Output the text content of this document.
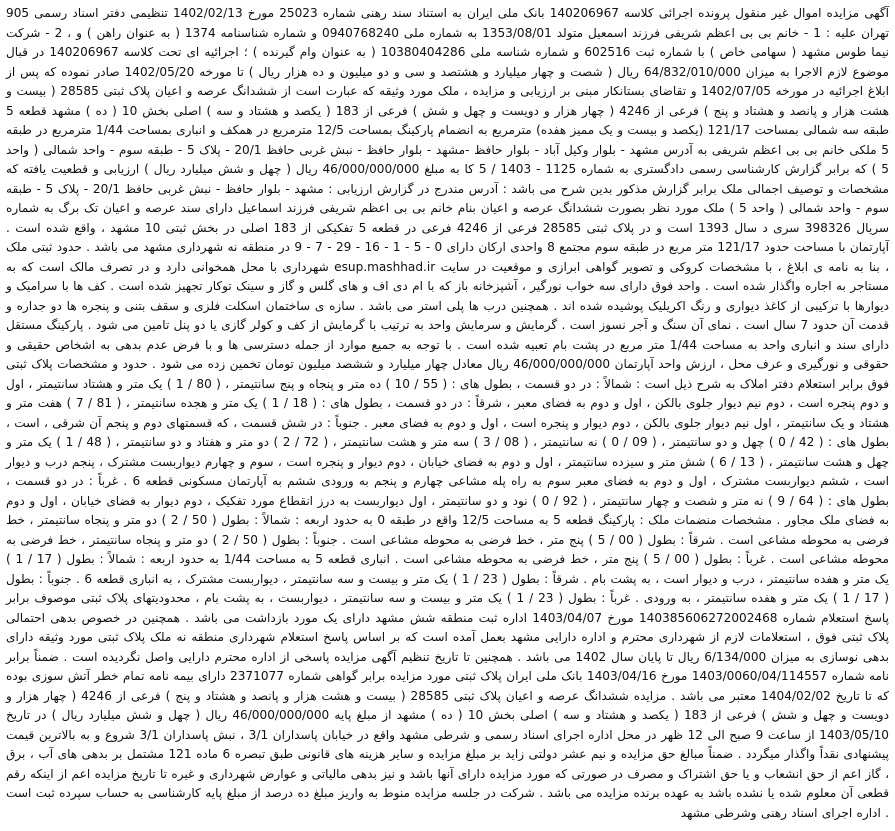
آگهی مزایده اموال غیر منقول پرونده اجرائی کلاسه 140206967 بانک ملی ایران به استناد سند رهنی شماره 25023 مورخ 1402/02/13 تنظیمی دفتر اسناد رسمی 905 تهران علیه : 1 - خانم بی بی اعظم شریفی فرزند اسمعیل متولد 1353/08/01 به شماره ملی 0940768240 و شماره شناسنامه 1374 ( به عنوان راهن ) و ، 2 - شرکت نیما طوس مشهد ( سهامی خاص ) با شماره ثبت 602516 و شماره شناسه ملی 10380404286 ( به عنوان وام گیرنده ) ؛ اجرائیه ای تحت کلاسه 140206967 در قبال موضوع لازم الاجرا به میزان 64/832/010/000 ریال ( شصت و چهار میلیارد و هشتصد و سی و دو میلیون و ده هزار ریال ) تا مورخه 1402/05/20 صادر نموده که پس از ابلاغ اجرائیه در مورخه 1402/07/05 و تقاضای بستانکار مبنی بر ارزیابی و مزایده ، ملک مورد وثیقه که عبارت است از ششدانگ عرصه و اعیان پلاک ثبتی 28585 ( بیست و هشت هزار و پانصد و هشتاد و پنج ) فرعی از 4246 ( چهار هزار و دویست و چهل و شش ) فرعی از 183 ( یکصد و هشتاد و سه ) اصلی بخش 10 ( ده ) مشهد قطعه 5 طبقه سه شمالی بمساحت 121/17 (یکصد و بیست و یک ممیز هفده) مترمربع به انضمام پارکینگ بمساحت 12/5 مترمربع در همکف و انباری بمساحت 1/44 مترمربع در طبقه 5 ملکی خانم بی بی اعظم شریفی به آدرس مشهد - بلوار وکیل آباد - بلوار حافظ -مشهد - بلوار حافظ - نبش غربی حافظ 20/1 - پلاک 5 - طبقه سوم - واحد شمالی ( واحد 5 ) که برابر گزارش کارشناسی رسمی دادگستری به شماره 1125 - 1403 / 5 کا به مبلغ 46/000/000/000 ریال ( چهل و شش میلیارد ریال ) ارزیابی و قطعیت یافته که مشخصات و توصیف اجمالی ملک برابر گزارش مذکور بدین شرح می باشد : آدرس مندرج در گزارش ارزیابی : مشهد - بلوار حافظ - نبش غربی حافظ 20/1 - پلاک 5 - طبقه سوم - واحد شمالی ( واحد 5 ) ملک مورد نظر بصورت ششدانگ عرصه و اعیان بنام خانم بی بی اعظم شریفی فرزند اسماعیل دارای سند عرصه و اعیان تک برگ به شماره سریال 398326 سری د سال 1393 است و در پلاک ثبتی 28585 فرعی از 4246 فرعی در قطعه 5 تفکیکی از 183 اصلی در بخش ثبتی 10 مشهد ، واقع شده است . آپارتمان با مساحت حدود 121/17 متر مربع در طبقه سوم مجتمع 8 واحدی ارکان دارای 0 - 5 - 1 - 16 - 29 - 7 - 9 در منطقه نه شهرداری مشهد می باشد . حدود ثبتی ملک ، بنا به نامه ی ابلاغ ، با مشخصات کروکی و تصویر گواهی ابرازی و موقعیت در سایت esup.mashhad.ir شهرداری با محل همخوانی دارد و در تصرف مالک است که به مستاجر به اجاره واگذار شده است . واحد فوق دارای سه خواب نورگیر ، آشپزخانه باز که با ام دی اف و های گلس و گاز و سینک توکار تجهیز شده است . کف ها با سرامیک و دیوارها با ترکیبی از کاغذ دیواری و رنگ اکریلیک پوشیده شده اند . همچنین درب ها پلی استر می باشد . سازه ی ساختمان اسکلت فلزی و سقف بتنی و پنجره ها دو جداره و قدمت آن حدود 7 سال است . نمای آن سنگ و آجر نسوز است . گرمایش و سرمایش واحد به ترتیب با گرمایش از کف و کولر گازی یا دو پنل تامین می شود . پارکینگ مستقل دارای سند و انباری واحد به مساحت 1/44 متر مربع در پشت بام تعبیه شده است . با توجه به جمیع موارد از جمله دسترسی ها و با فرض عدم بدهی به اشخاص حقیقی و حقوقی و نورگیری و عرف محل ، ارزش واحد آپارتمان 46/000/000/000 ریال معادل چهار میلیارد و ششصد میلیون تومان تخمین زده می شود . حدود و مشخصات پلاک ثبتی فوق برابر استعلام دفتر املاک به شرح ذیل است : شمالاً : در دو قسمت ، بطول های : ( 55 / 10 ) ده متر و پنجاه و پنج سانتیمتر ، ( 80 / 1 ) یک متر و هشتاد سانتیمتر ، اول و دوم پنجره است ، دوم نیم دیوار جلوی بالکن ، اول و دوم به فضای معبر ، شرقاً : در دو قسمت ، بطول های : ( 18 / 1 ) یک متر و هجده سانتیمتر ، ( 81 / 7 ) هفت متر و هشتاد و یک سانتیمتر ، اول نیم دیوار جلوی بالکن ، دوم دیوار و پنجره است ، اول و دوم به فضای معبر . جنوباً : در شش قسمت ، که قسمتهای دوم و پنجم آن شرقی ، است ، بطول های : ( 42 / 0 ) چهل و دو سانتیمتر ، ( 09 / 0 ) نه سانتیمتر ، ( 08 / 3 ) سه متر و هشت سانتیمتر ، ( 72 / 2 ) دو متر و هفتاد و دو سانتیمتر ، ( 48 / 1 ) یک متر و چهل و هشت سانتیمتر ، ( 13 / 6 ) شش متر و سیزده سانتیمتر ، اول و دوم به فضای خیابان ، دوم دیوار و پنجره است ، سوم و چهارم دیواربست مشترک ، پنجم درب و دیوار است ، ششم دیواربست مشترک ، اول و دوم به فضای معبر سوم به راه پله مشاعی چهارم و پنجم به ورودی ششم به آپارتمان مسکونی قطعه 6 . غرباً : در دو قسمت ، بطول های : ( 64 / 9 ) نه متر و شصت و چهار سانتیمتر ، ( 92 / 0 ) نود و دو سانتیمتر ، اول دیواربست به درز انقطاع مورد تفکیک ، دوم دیوار به فضای خیابان ، اول و دوم به فضای ملک مجاور . مشخصات منضمات ملک : پارکینگ قطعه 5 به مساحت 12/5 واقع در طبقه 0 به حدود اربعه : شمالاً : بطول ( 50 / 2 ) دو متر و پنجاه سانتیمتر ، خط فرضی به محوطه مشاعی است . شرقاً : بطول ( 00 / 5 ) پنج متر ، خط فرضی به محوطه مشاعی است . جنوباً : بطول ( 50 / 2 ) دو متر و پنجاه سانتیمتر ، خط فرضی به محوطه مشاعی است . غرباً : بطول ( 00 / 5 ) پنج متر ، خط فرضی به محوطه مشاعی است . انباری قطعه 5 به مساحت 1/44 به حدود اربعه : شمالاً : بطول ( 17 / 1 ) یک متر و هفده سانتیمتر ، درب و دیوار است ، به پشت بام . شرقاً : بطول ( 23 / 1 ) یک متر و بیست و سه سانتیمتر ، دیواربست مشترک ، به انباری قطعه 6 . جنوباً : بطول ( 17 / 1 ) یک متر و هفده سانتیمتر ، به ورودی . غرباً : بطول ( 23 / 1 ) یک متر و بیست و سه سانتیمتر ، دیواربست ، به پشت بام ، محدودیتهای پلاک ثبتی موصوف برابر پاسخ استعلام شماره 140385606272002468 مورخ 1403/04/07 اداره ثبت منطقه شش مشهد دارای یک مورد بازداشت می باشد . همچنین در خصوص بدهی احتمالی پلاک ثبتی فوق ، استعلامات لازم از شهرداری محترم و اداره دارایی مشهد بعمل آمده است که بر اساس پاسخ استعلام شهرداری منطقه نه ملک پلاک ثبتی مورد وثیقه دارای بدهی نوسازی به میزان 6/134/000 ریال تا پایان سال 1402 می باشد . همچنین تا تاریخ تنظیم آگهی مزایده پاسخی از اداره محترم دارایی واصل نگردیده است . ضمناً برابر نامه شماره 1403/0060/04/114557 مورخ 1403/04/16 بانک ملی ایران پلاک ثبتی مورد مزایده برابر گواهی شماره 2371077 دارای بیمه نامه تمام خطر آتش سوزی بوده که تا تاریخ 1404/02/02 معتبر می باشد . مزایده ششدانگ عرصه و اعیان پلاک ثبتی 28585 ( بیست و هشت هزار و پانصد و هشتاد و پنج ) فرعی از 4246 ( چهار هزار و دویست و چهل و شش ) فرعی از 183 ( یکصد و هشتاد و سه ) اصلی بخش 10 ( ده ) مشهد از مبلغ پایه 46/000/000/000 ریال ( چهل و شش میلیارد ریال ) در تاریخ 1403/05/10 از ساعت 9 صبح الی 12 ظهر در محل اداره اجرای اسناد رسمی و شرطی مشهد واقع در خیابان پاسداران 3/1 ، نبش پاسداران 3/1 شروع و به بالاترین قیمت پیشنهادی نقداً واگذار میگردد . ضمناً مبالغ حق مزایده و نیم عشر دولتی زاید بر مبلغ مزایده و سایر هزینه های قانونی طبق تبصره 6 ماده 121 مشتمل بر بدهی های آب ، برق ، گاز اعم از حق انشعاب و یا حق اشتراک و مصرف در صورتی که مورد مزایده دارای آنها باشد و نیز بدهی مالیاتی و عوارض شهرداری و غیره تا تاریخ مزایده اعم از اینکه رقم قطعی آن معلوم شده یا نشده باشد به عهده برنده مزایده می باشد . شرکت در جلسه مزایده منوط به واریز مبلغ ده درصد از مبلغ پایه کارشناسی به حساب سپرده ثبت است . اداره اجرای اسناد رهنی وشرطی مشهد
